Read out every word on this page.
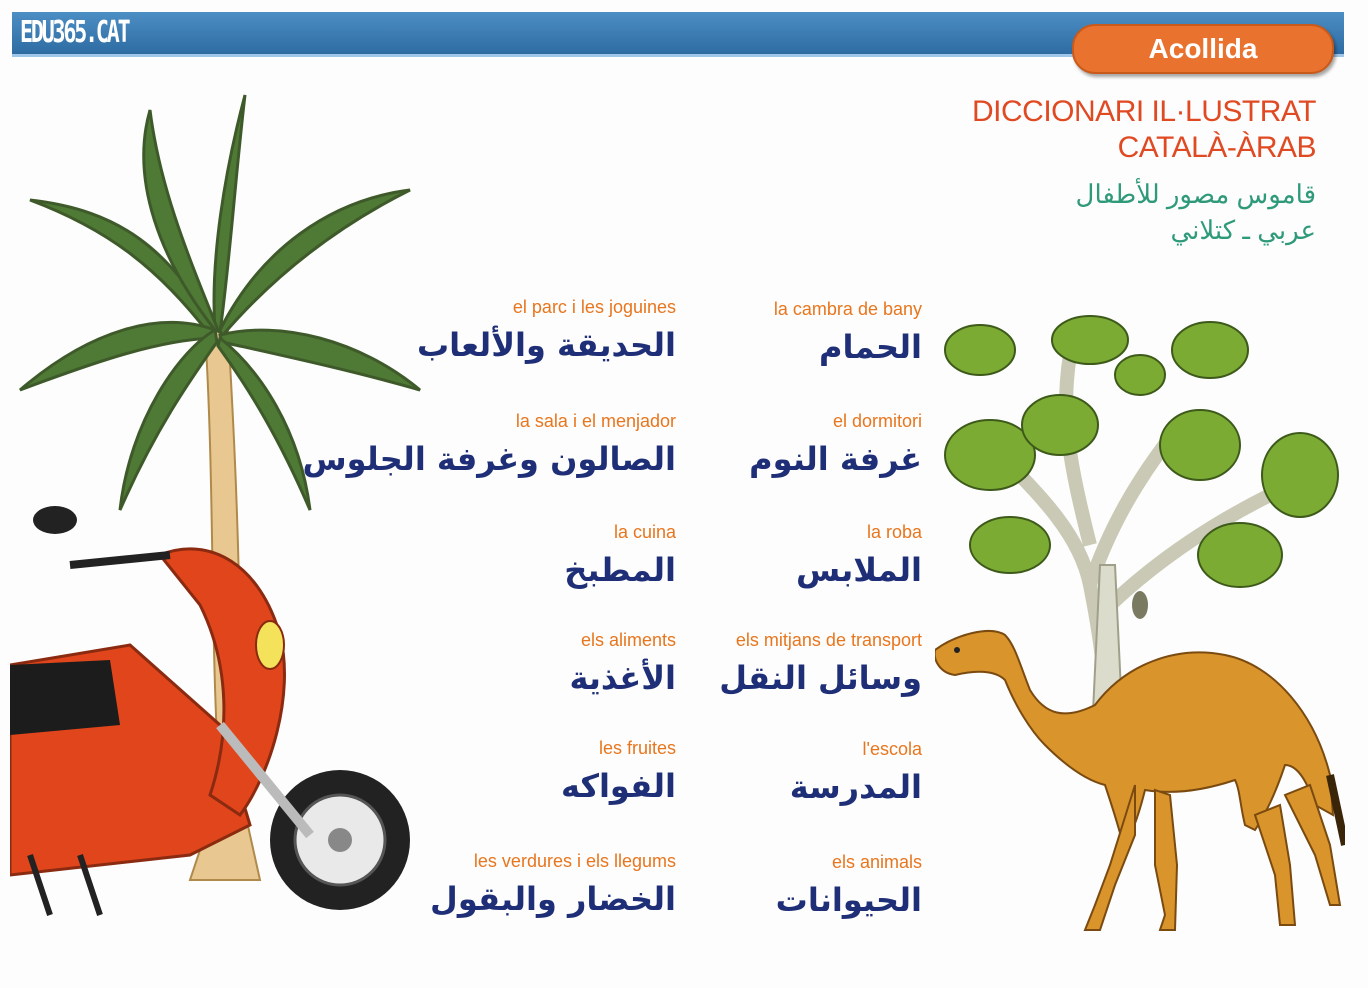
EDU365.CAT	Acollida
DICCIONARI IL·LUSTRAT
CATALÀ-ÀRAB
قاموس مصور للأطفال
عربي ـ كتلاني
el parc i les joguines
الحديقة والألعاب
la sala i el menjador
الصالون وغرفة الجلوس
la cuina
المطبخ
els aliments
الأغذية
les fruites
الفواكه
les verdures i els llegums
الخضار والبقول
la cambra de bany
الحمام
el dormitori
غرفة النوم
la roba
الملابس
els mitjans de transport
وسائل النقل
l'escola
المدرسة
els animals
الحيوانات
